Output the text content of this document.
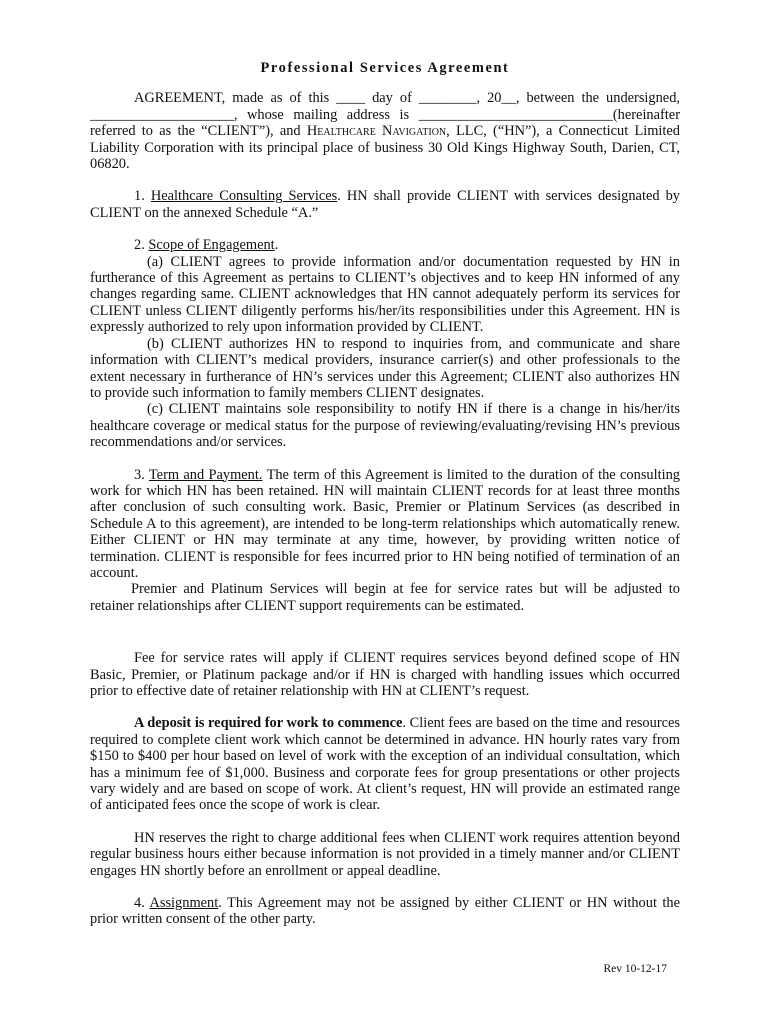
Professional Services Agreement

AGREEMENT, made as of this ____ day of ________, 20__, between the undersigned, ____________________, whose mailing address is ___________________________(hereinafter referred to as the “CLIENT”), and Healthcare Navigation, LLC, (“HN”), a Connecticut Limited Liability Corporation with its principal place of business 30 Old Kings Highway South, Darien, CT, 06820.

1. Healthcare Consulting Services. HN shall provide CLIENT with services designated by CLIENT on the annexed Schedule “A.”

2. Scope of Engagement.

(a) CLIENT agrees to provide information and/or documentation requested by HN in furtherance of this Agreement as pertains to CLIENT’s objectives and to keep HN informed of any changes regarding same. CLIENT acknowledges that HN cannot adequately perform its services for CLIENT unless CLIENT diligently performs his/her/its responsibilities under this Agreement. HN is expressly authorized to rely upon information provided by CLIENT.

(b) CLIENT authorizes HN to respond to inquiries from, and communicate and share information with CLIENT’s medical providers, insurance carrier(s) and other professionals to the extent necessary in furtherance of HN’s services under this Agreement; CLIENT also authorizes HN to provide such information to family members CLIENT designates.

(c) CLIENT maintains sole responsibility to notify HN if there is a change in his/her/its healthcare coverage or medical status for the purpose of reviewing/evaluating/revising HN’s previous recommendations and/or services.

3. Term and Payment. The term of this Agreement is limited to the duration of the consulting work for which HN has been retained. HN will maintain CLIENT records for at least three months after conclusion of such consulting work. Basic, Premier or Platinum Services (as described in Schedule A to this agreement), are intended to be long-term relationships which automatically renew. Either CLIENT or HN may terminate at any time, however, by providing written notice of termination. CLIENT is responsible for fees incurred prior to HN being notified of termination of an account.

Premier and Platinum Services will begin at fee for service rates but will be adjusted to retainer relationships after CLIENT support requirements can be estimated.

Fee for service rates will apply if CLIENT requires services beyond defined scope of HN Basic, Premier, or Platinum package and/or if HN is charged with handling issues which occurred prior to effective date of retainer relationship with HN at CLIENT’s request.

A deposit is required for work to commence. Client fees are based on the time and resources required to complete client work which cannot be determined in advance. HN hourly rates vary from $150 to $400 per hour based on level of work with the exception of an individual consultation, which has a minimum fee of $1,000. Business and corporate fees for group presentations or other projects vary widely and are based on scope of work. At client’s request, HN will provide an estimated range of anticipated fees once the scope of work is clear.

HN reserves the right to charge additional fees when CLIENT work requires attention beyond regular business hours either because information is not provided in a timely manner and/or CLIENT engages HN shortly before an enrollment or appeal deadline.

4. Assignment. This Agreement may not be assigned by either CLIENT or HN without the prior written consent of the other party.

Rev 10-12-17
